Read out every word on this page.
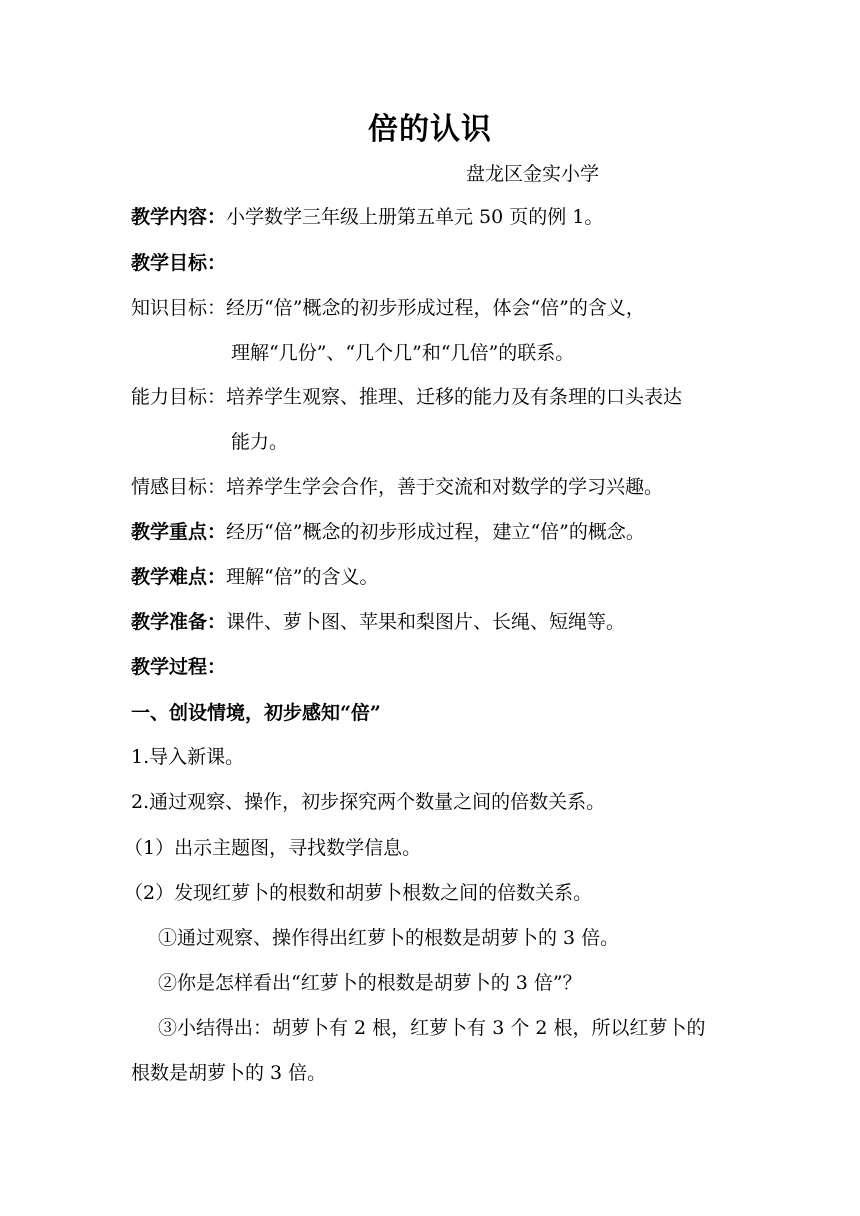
倍的认识
盘龙区金实小学
教学内容：小学数学三年级上册第五单元 50 页的例 1。
教学目标：
知识目标：经历“倍”概念的初步形成过程，体会“倍”的含义，
理解“几份”、“几个几”和“几倍”的联系。
能力目标：培养学生观察、推理、迁移的能力及有条理的口头表达
能力。
情感目标：培养学生学会合作，善于交流和对数学的学习兴趣。
教学重点：经历“倍”概念的初步形成过程，建立“倍”的概念。
教学难点：理解“倍”的含义。
教学准备：课件、萝卜图、苹果和梨图片、长绳、短绳等。
教学过程：
一、创设情境，初步感知“倍”
1.导入新课。
2.通过观察、操作，初步探究两个数量之间的倍数关系。
（1）出示主题图，寻找数学信息。
（2）发现红萝卜的根数和胡萝卜根数之间的倍数关系。
①通过观察、操作得出红萝卜的根数是胡萝卜的 3 倍。
②你是怎样看出“红萝卜的根数是胡萝卜的 3 倍”？
③小结得出：胡萝卜有 2 根，红萝卜有 3 个 2 根，所以红萝卜的
根数是胡萝卜的 3 倍。
